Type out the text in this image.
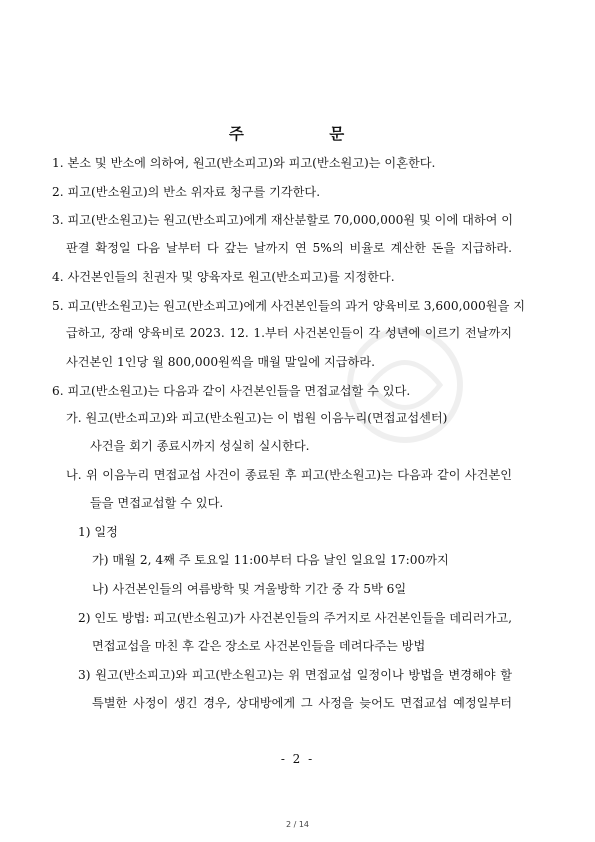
주 문
1. 본소 및 반소에 의하여, 원고(반소피고)와 피고(반소원고)는 이혼한다.
2. 피고(반소원고)의 반소 위자료 청구를 기각한다.
3. 피고(반소원고)는 원고(반소피고)에게 재산분할로 70,000,000원 및 이에 대하여 이
판결 확정일 다음 날부터 다 갚는 날까지 연 5%의 비율로 계산한 돈을 지급하라.
4. 사건본인들의 친권자 및 양육자로 원고(반소피고)를 지정한다.
5. 피고(반소원고)는 원고(반소피고)에게 사건본인들의 과거 양육비로 3,600,000원을 지
급하고, 장래 양육비로 2023. 12. 1.부터 사건본인들이 각 성년에 이르기 전날까지
사건본인 1인당 월 800,000원씩을 매월 말일에 지급하라.
6. 피고(반소원고)는 다음과 같이 사건본인들을 면접교섭할 수 있다.
가. 원고(반소피고)와 피고(반소원고)는 이 법원 이음누리(면접교섭센터)
사건을 회기 종료시까지 성실히 실시한다.
나. 위 이음누리 면접교섭 사건이 종료된 후 피고(반소원고)는 다음과 같이 사건본인
들을 면접교섭할 수 있다.
1) 일정
가) 매월 2, 4째 주 토요일 11:00부터 다음 날인 일요일 17:00까지
나) 사건본인들의 여름방학 및 겨울방학 기간 중 각 5박 6일
2) 인도 방법: 피고(반소원고)가 사건본인들의 주거지로 사건본인들을 데리러가고,
면접교섭을 마친 후 같은 장소로 사건본인들을 데려다주는 방법
3) 원고(반소피고)와 피고(반소원고)는 위 면접교섭 일정이나 방법을 변경해야 할
특별한 사정이 생긴 경우, 상대방에게 그 사정을 늦어도 면접교섭 예정일부터
- 2 -
2 / 14
